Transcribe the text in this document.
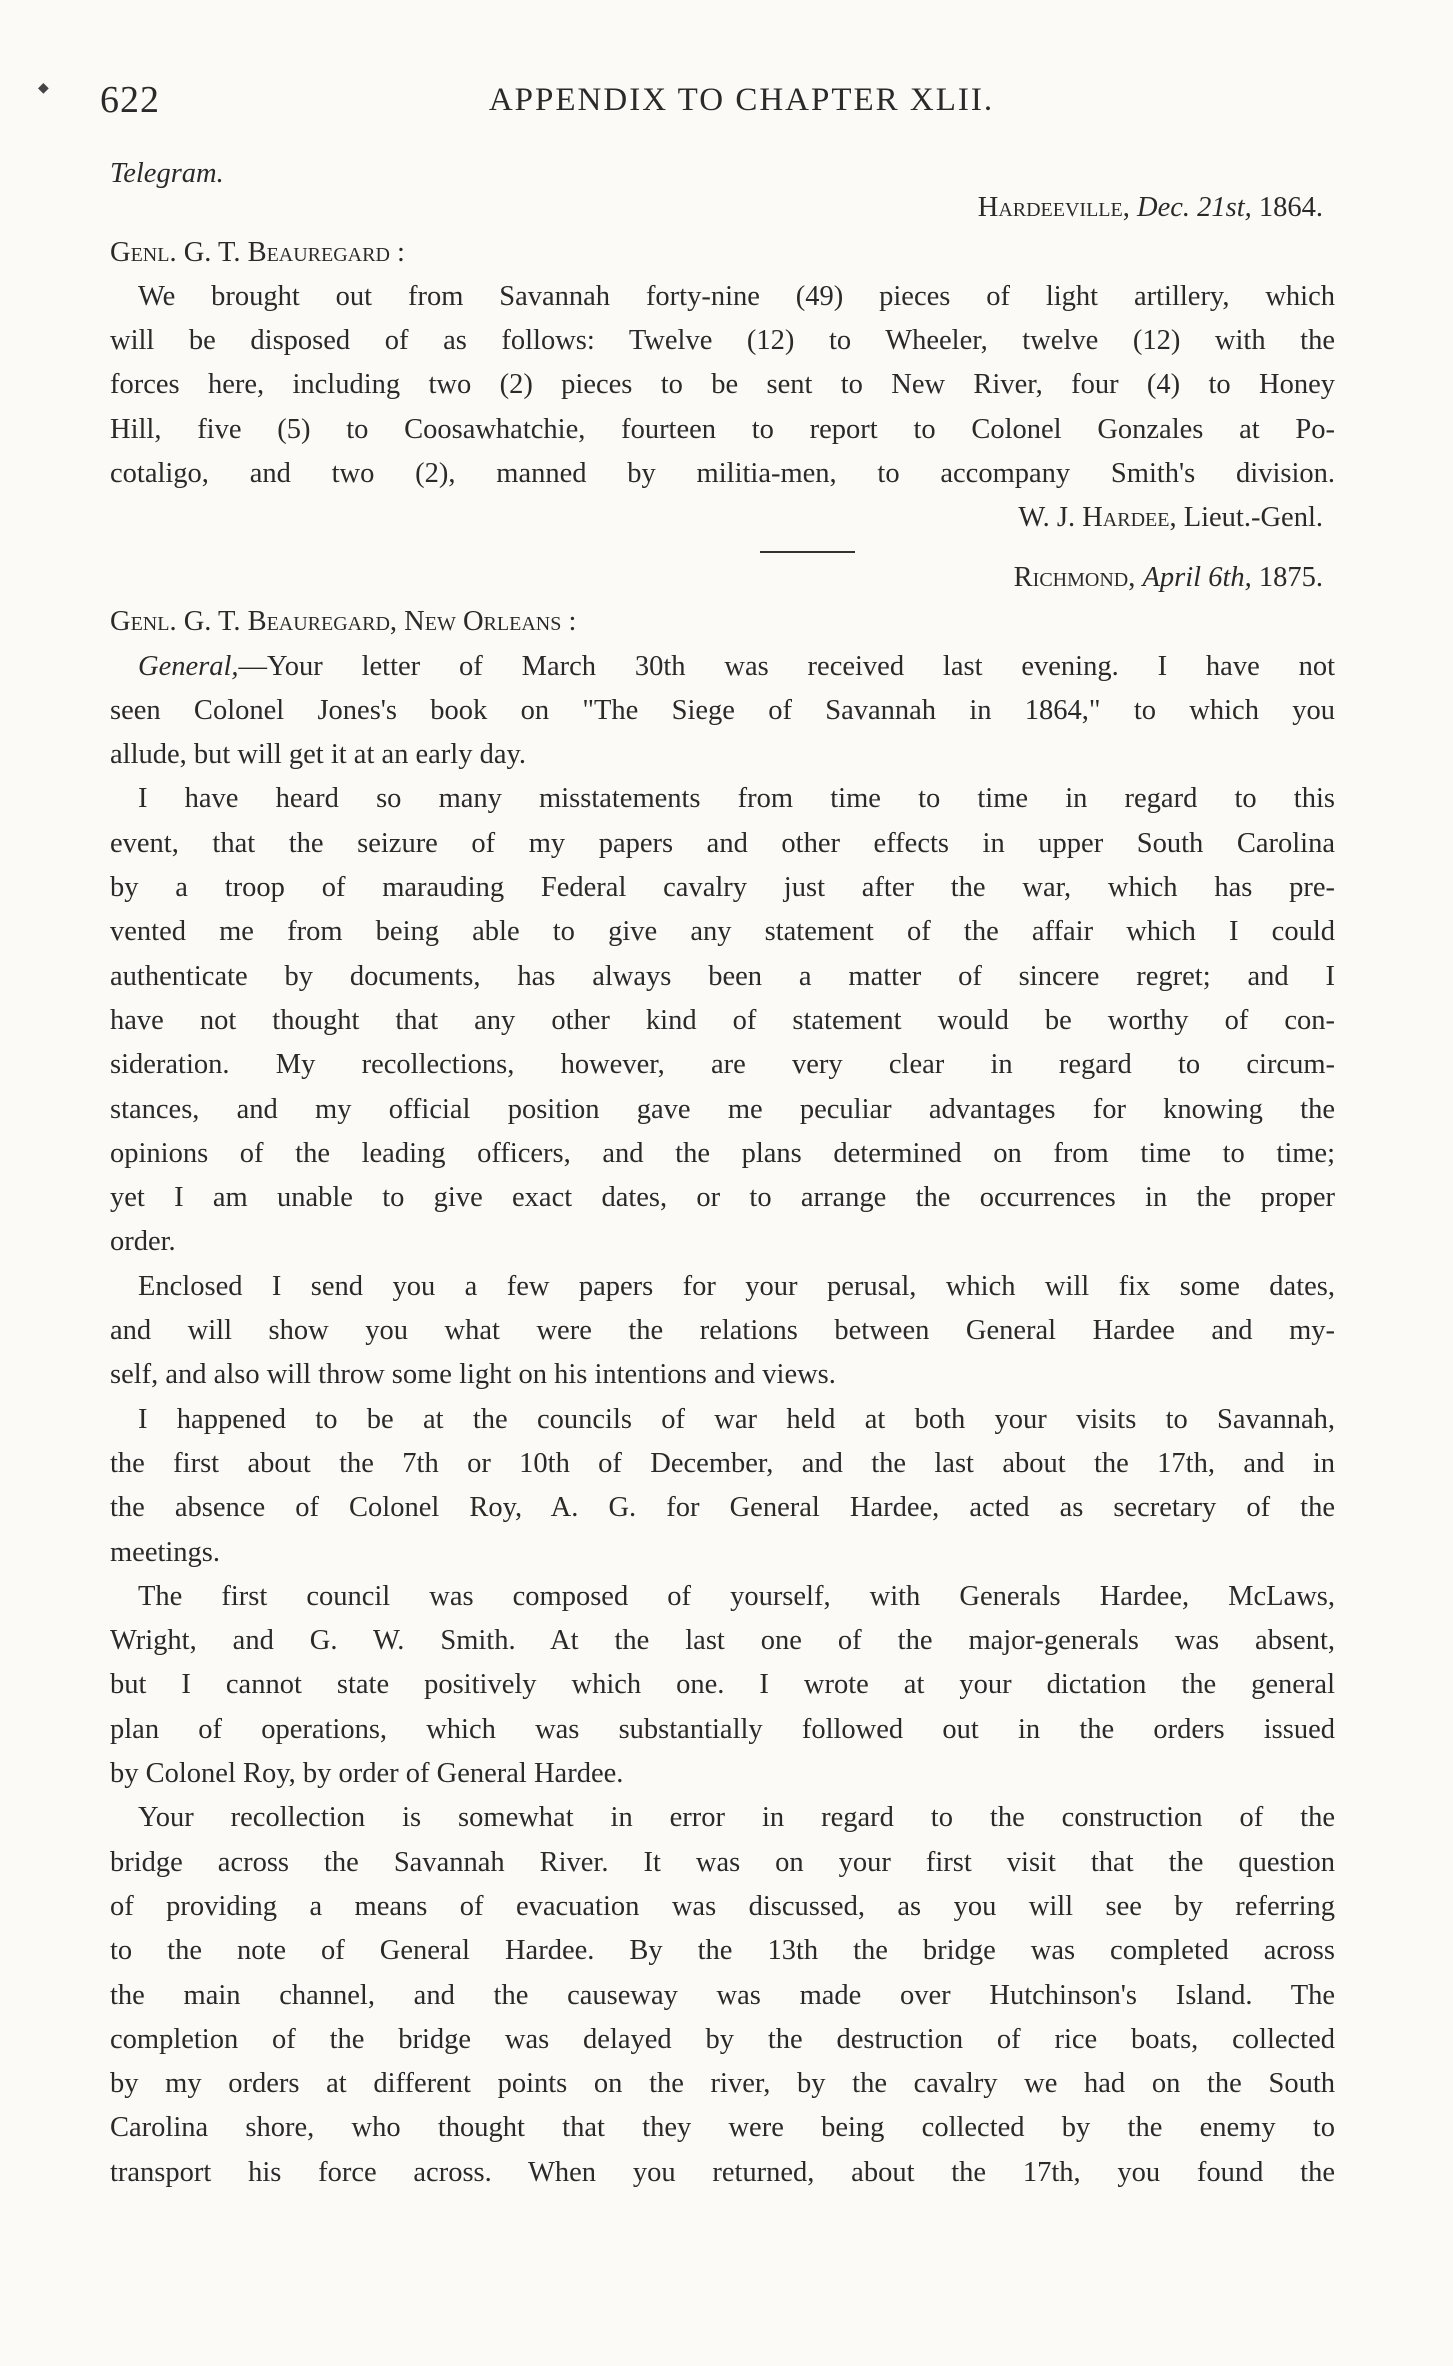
◆ 622	APPENDIX TO CHAPTER XLII.
Telegram.
Hardeeville, Dec. 21st, 1864.
Genl. G. T. Beauregard :
We brought out from Savannah forty-nine (49) pieces of light artillery, which
will be disposed of as follows: Twelve (12) to Wheeler, twelve (12) with the
forces here, including two (2) pieces to be sent to New River, four (4) to Honey
Hill, five (5) to Coosawhatchie, fourteen to report to Colonel Gonzales at Po-
cotaligo, and two (2), manned by militia-men, to accompany Smith's division.
W. J. Hardee, Lieut.-Genl.
Richmond, April 6th, 1875.
Genl. G. T. Beauregard, New Orleans :
General,—Your letter of March 30th was received last evening. I have not
seen Colonel Jones's book on "The Siege of Savannah in 1864," to which you
allude, but will get it at an early day.
I have heard so many misstatements from time to time in regard to this
event, that the seizure of my papers and other effects in upper South Carolina
by a troop of marauding Federal cavalry just after the war, which has pre-
vented me from being able to give any statement of the affair which I could
authenticate by documents, has always been a matter of sincere regret; and I
have not thought that any other kind of statement would be worthy of con-
sideration. My recollections, however, are very clear in regard to circum-
stances, and my official position gave me peculiar advantages for knowing the
opinions of the leading officers, and the plans determined on from time to time;
yet I am unable to give exact dates, or to arrange the occurrences in the proper
order.
Enclosed I send you a few papers for your perusal, which will fix some dates,
and will show you what were the relations between General Hardee and my-
self, and also will throw some light on his intentions and views.
I happened to be at the councils of war held at both your visits to Savannah,
the first about the 7th or 10th of December, and the last about the 17th, and in
the absence of Colonel Roy, A. G. for General Hardee, acted as secretary of the
meetings.
The first council was composed of yourself, with Generals Hardee, McLaws,
Wright, and G. W. Smith. At the last one of the major-generals was absent,
but I cannot state positively which one. I wrote at your dictation the general
plan of operations, which was substantially followed out in the orders issued
by Colonel Roy, by order of General Hardee.
Your recollection is somewhat in error in regard to the construction of the
bridge across the Savannah River. It was on your first visit that the question
of providing a means of evacuation was discussed, as you will see by referring
to the note of General Hardee. By the 13th the bridge was completed across
the main channel, and the causeway was made over Hutchinson's Island. The
completion of the bridge was delayed by the destruction of rice boats, collected
by my orders at different points on the river, by the cavalry we had on the South
Carolina shore, who thought that they were being collected by the enemy to
transport his force across. When you returned, about the 17th, you found the
